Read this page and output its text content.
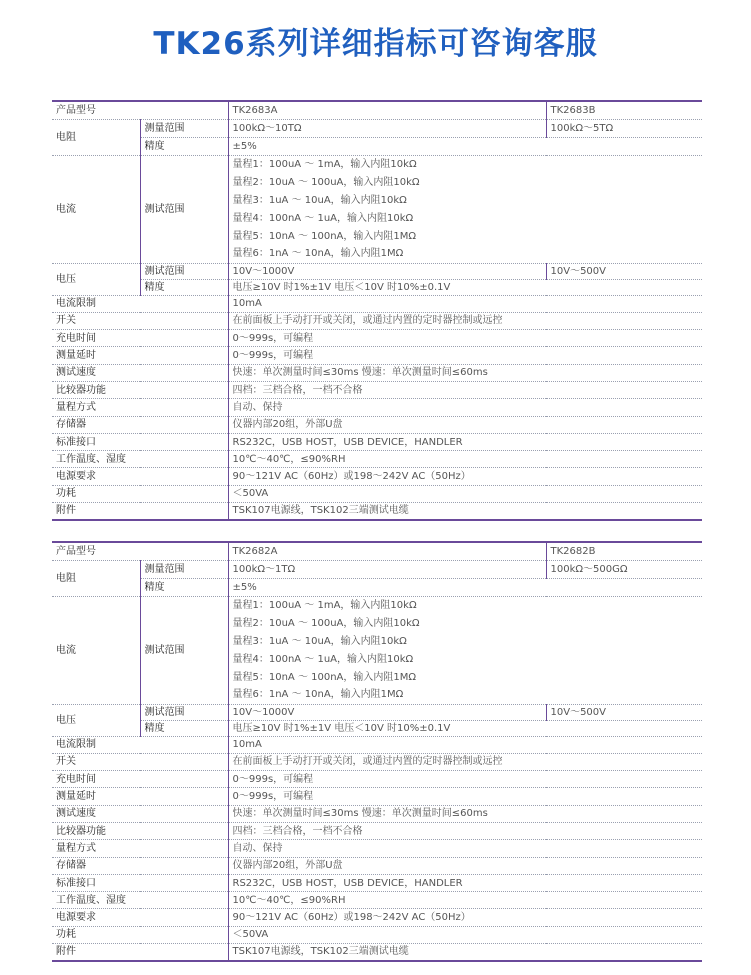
TK26系列详细指标可咨询客服
产品型号		TK2683A	TK2683B
电阻	测量范围	100kΩ～10TΩ	100kΩ～5TΩ
	精度	±5%	
电流	测试范围	量程1：100uA ～ 1mA，输入内阻10kΩ	
		量程2：10uA ～ 100uA，输入内阻10kΩ	
		量程3：1uA ～ 10uA，输入内阻10kΩ	
		量程4：100nA ～ 1uA，输入内阻10kΩ	
		量程5：10nA ～ 100nA，输入内阻1MΩ	
		量程6：1nA ～ 10nA，输入内阻1MΩ	
电压	测试范围	10V～1000V	10V～500V
	精度	电压≥10V 时1%±1V 电压＜10V 时10%±0.1V	
电流限制		10mA	
开关		在前面板上手动打开或关闭，或通过内置的定时器控制或远控	
充电时间		0～999s，可编程	
测量延时		0～999s，可编程	
测试速度		快速：单次测量时间≤30ms 慢速：单次测量时间≤60ms	
比较器功能		四档：三档合格，一档不合格	
量程方式		自动、保持	
存储器		仪器内部20组，外部U盘	
标准接口		RS232C，USB HOST，USB DEVICE，HANDLER	
工作温度、湿度		10℃～40℃，≤90%RH	
电源要求		90～121V AC（60Hz）或198～242V AC（50Hz）	
功耗		＜50VA	
附件		TSK107电源线，TSK102三端测试电缆	
产品型号		TK2682A	TK2682B
电阻	测量范围	100kΩ～1TΩ	100kΩ～500GΩ
	精度	±5%	
电流	测试范围	量程1：100uA ～ 1mA，输入内阻10kΩ	
		量程2：10uA ～ 100uA，输入内阻10kΩ	
		量程3：1uA ～ 10uA，输入内阻10kΩ	
		量程4：100nA ～ 1uA，输入内阻10kΩ	
		量程5：10nA ～ 100nA，输入内阻1MΩ	
		量程6：1nA ～ 10nA，输入内阻1MΩ	
电压	测试范围	10V～1000V	10V～500V
	精度	电压≥10V 时1%±1V 电压＜10V 时10%±0.1V	
电流限制		10mA	
开关		在前面板上手动打开或关闭，或通过内置的定时器控制或远控	
充电时间		0～999s，可编程	
测量延时		0～999s，可编程	
测试速度		快速：单次测量时间≤30ms 慢速：单次测量时间≤60ms	
比较器功能		四档：三档合格，一档不合格	
量程方式		自动、保持	
存储器		仪器内部20组，外部U盘	
标准接口		RS232C，USB HOST，USB DEVICE，HANDLER	
工作温度、湿度		10℃～40℃，≤90%RH	
电源要求		90～121V AC（60Hz）或198～242V AC（50Hz）	
功耗		＜50VA	
附件		TSK107电源线，TSK102三端测试电缆	
